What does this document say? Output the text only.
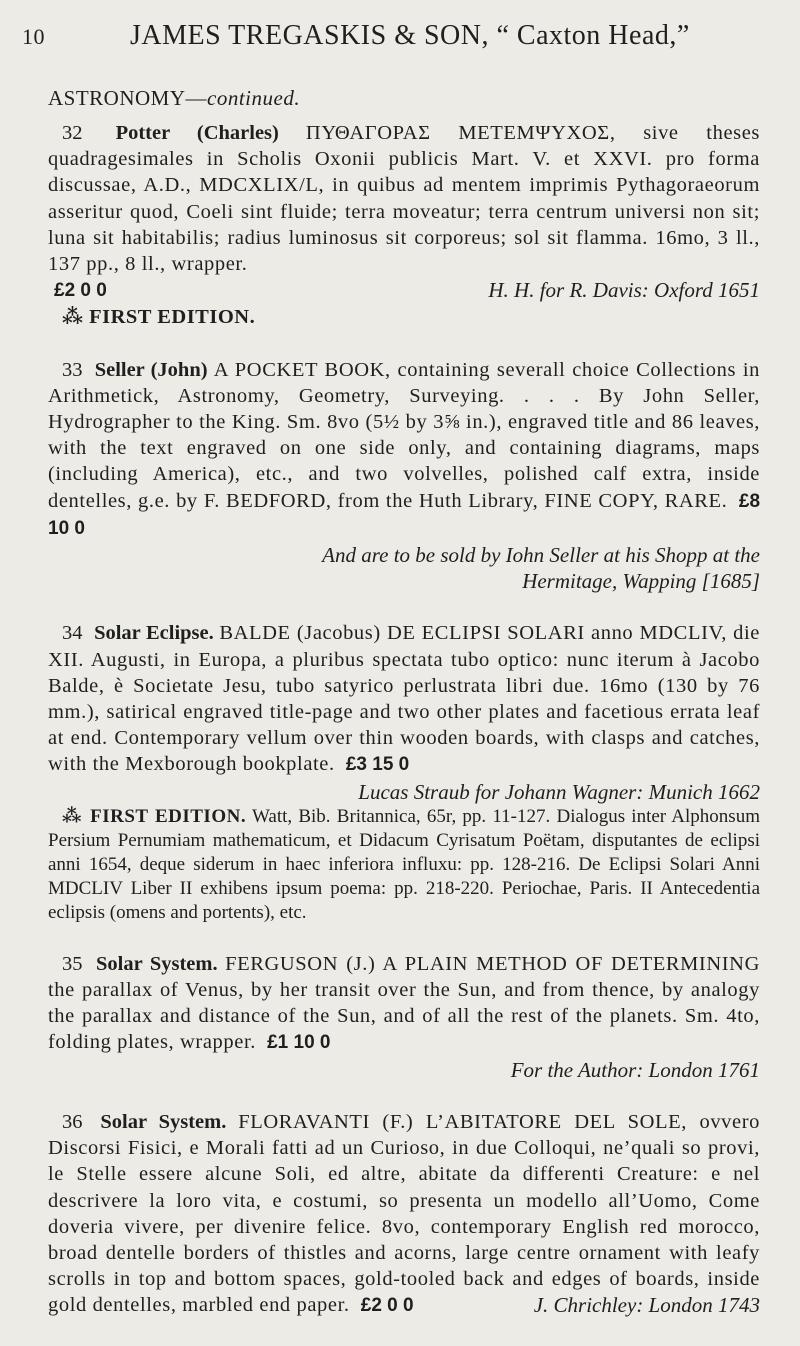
10	JAMES TREGASKIS & SON, “ Caxton Head,”
ASTRONOMY—continued.
32 Potter (Charles) ΠΥΘΑΓΟΡΑΣ ΜΕΤΕΜΨΥΧΟΣ, sive theses quadragesimales in Scholis Oxonii publicis Mart. V. et XXVI. pro forma discussae, A.D., MDCXLIX/L, in quibus ad mentem imprimis Pythagoraeorum asseritur quod, Coeli sint fluide; terra moveatur; terra centrum universi non sit; luna sit habitabilis; radius luminosus sit corporeus; sol sit flamma. 16mo, 3 ll., 137 pp., 8 ll., wrapper.
£2 0 0	H. H. for R. Davis: Oxford 1651

⁂ FIRST EDITION.
33 Seller (John) A POCKET BOOK, containing severall choice Collections in Arithmetick, Astronomy, Geometry, Surveying. . . . By John Seller, Hydrographer to the King. Sm. 8vo (5½ by 3⅝ in.), engraved title and 86 leaves, with the text engraved on one side only, and containing diagrams, maps (including America), etc., and two volvelles, polished calf extra, inside dentelles, g.e. by F. BEDFORD, from the Huth Library, FINE COPY, RARE. £8 10 0

And are to be sold by Iohn Seller at his Shopp at the
Hermitage, Wapping [1685]
34 Solar Eclipse. BALDE (Jacobus) DE ECLIPSI SOLARI anno MDCLIV, die XII. Augusti, in Europa, a pluribus spectata tubo optico: nunc iterum à Jacobo Balde, è Societate Jesu, tubo satyrico perlustrata libri due. 16mo (130 by 76 mm.), satirical engraved title-page and two other plates and facetious errata leaf at end. Contemporary vellum over thin wooden boards, with clasps and catches, with the Mexborough bookplate. £3 15 0
Lucas Straub for Johann Wagner: Munich 1662
⁂ FIRST EDITION. Watt, Bib. Britannica, 65r, pp. 11-127. Dialogus inter Alphonsum Persium Pernumiam mathematicum, et Didacum Cyrisatum Poëtam, disputantes de eclipsi anni 1654, deque siderum in haec inferiora influxu: pp. 128-216. De Eclipsi Solari Anni MDCLIV Liber II exhibens ipsum poema: pp. 218-220. Periochae, Paris. II Antecedentia eclipsis (omens and portents), etc.
35 Solar System. FERGUSON (J.) A PLAIN METHOD OF DETERMINING the parallax of Venus, by her transit over the Sun, and from thence, by analogy the parallax and distance of the Sun, and of all the rest of the planets. Sm. 4to, folding plates, wrapper. £1 10 0
For the Author: London 1761
36 Solar System. FLORAVANTI (F.) L’ABITATORE DEL SOLE, ovvero Discorsi Fisici, e Morali fatti ad un Curioso, in due Colloqui, ne’quali so provi, le Stelle essere alcune Soli, ed altre, abitate da differenti Creature: e nel descrivere la loro vita, e costumi, so presenta un modello all’Uomo, Come doveria vivere, per divenire felice. 8vo, contemporary English red morocco, broad dentelle borders of thistles and acorns, large centre ornament with leafy scrolls in top and bottom spaces, gold-tooled back and edges of boards, inside gold dentelles, marbled end paper. £2 0 0	J. Chrichley: London 1743
